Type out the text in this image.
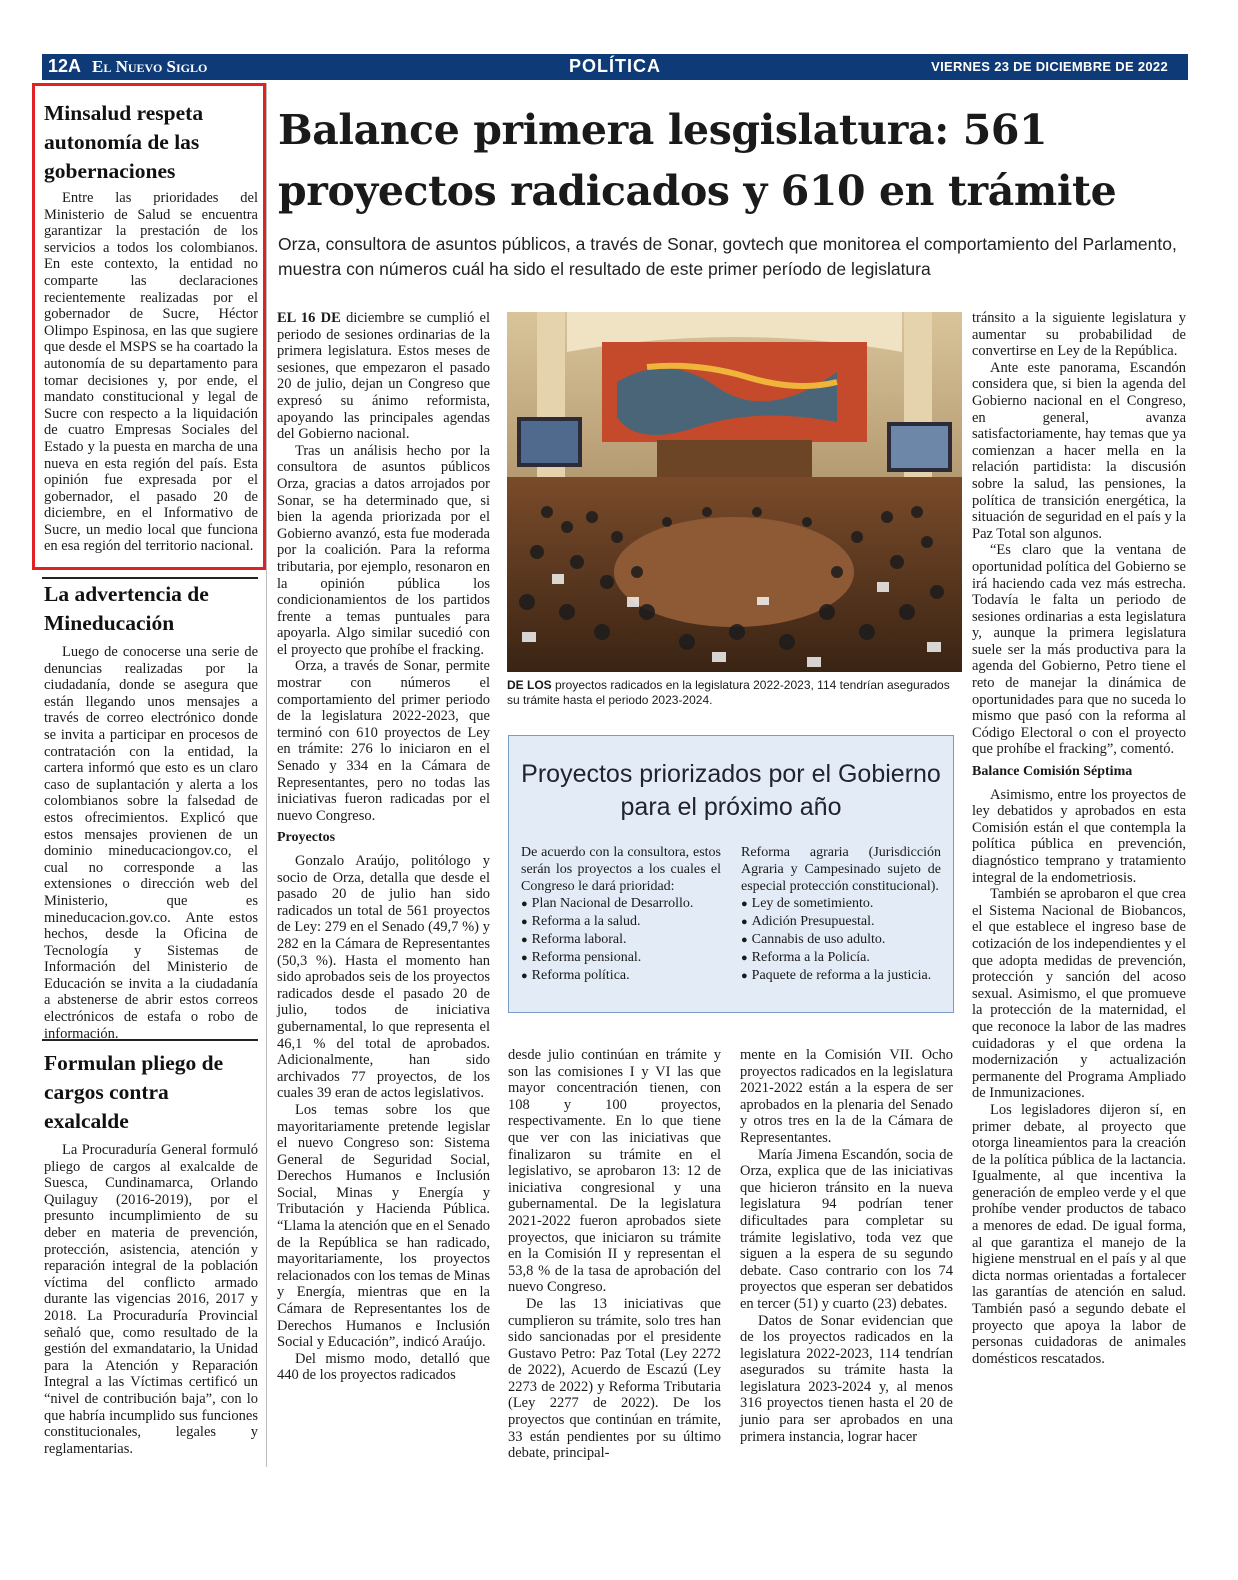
12A El Nuevo Siglo	POLÍTICA	VIERNES 23 DE DICIEMBRE DE 2022
Minsalud respeta autonomía de las gobernaciones

Entre las prioridades del Ministerio de Salud se encuentra garantizar la prestación de los servicios a todos los colombianos. En este contexto, la entidad no comparte las declaraciones recientemente realizadas por el gobernador de Sucre, Héctor Olimpo Espinosa, en las que sugiere que desde el MSPS se ha coartado la autonomía de su departamento para tomar decisiones y, por ende, el mandato constitucional y legal de Sucre con respecto a la liquidación de cuatro Empresas Sociales del Estado y la puesta en marcha de una nueva en esta región del país. Esta opinión fue expresada por el gobernador, el pasado 20 de diciembre, en el Informativo de Sucre, un medio local que funciona en esa región del territorio nacional.

La advertencia de Mineducación

Luego de conocerse una serie de denuncias realizadas por la ciudadanía, donde se asegura que están llegando unos mensajes a través de correo electrónico donde se invita a participar en procesos de contratación con la entidad, la cartera informó que esto es un claro caso de suplantación y alerta a los colombianos sobre la falsedad de estos ofrecimientos. Explicó que estos mensajes provienen de un dominio mineducaciongov.co, el cual no corresponde a las extensiones o dirección web del Ministerio, que es mineducacion.gov.co. Ante estos hechos, desde la Oficina de Tecnología y Sistemas de Información del Ministerio de Educación se invita a la ciudadanía a abstenerse de abrir estos correos electrónicos de estafa o robo de información.

Formulan pliego de cargos contra exalcalde

La Procuraduría General formuló pliego de cargos al exalcalde de Suesca, Cundinamarca, Orlando Quilaguy (2016-2019), por el presunto incumplimiento de su deber en materia de prevención, protección, asistencia, atención y reparación integral de la población víctima del conflicto armado durante las vigencias 2016, 2017 y 2018. La Procuraduría Provincial señaló que, como resultado de la gestión del exmandatario, la Unidad para la Atención y Reparación Integral a las Víctimas certificó un “nivel de contribución baja”, con lo que habría incumplido sus funciones constitucionales, legales y reglamentarias.

Balance primera lesgislatura: 561 proyectos radicados y 610 en trámite
Orza, consultora de asuntos públicos, a través de Sonar, govtech que monitorea el comportamiento del Parlamento, muestra con números cuál ha sido el resultado de este primer período de legislatura

EL 16 DE diciembre se cumplió el periodo de sesiones ordinarias de la primera legislatura. Estos meses de sesiones, que empezaron el pasado 20 de julio, dejan un Congreso que expresó su ánimo reformista, apoyando las principales agendas del Gobierno nacional.

Tras un análisis hecho por la consultora de asuntos públicos Orza, gracias a datos arrojados por Sonar, se ha determinado que, si bien la agenda priorizada por el Gobierno avanzó, esta fue moderada por la coalición. Para la reforma tributaria, por ejemplo, resonaron en la opinión pública los condicionamientos de los partidos frente a temas puntuales para apoyarla. Algo similar sucedió con el proyecto que prohíbe el fracking.

Orza, a través de Sonar, permite mostrar con números el comportamiento del primer periodo de la legislatura 2022-2023, que terminó con 610 proyectos de Ley en trámite: 276 lo iniciaron en el Senado y 334 en la Cámara de Representantes, pero no todas las iniciativas fueron radicadas por el nuevo Congreso.

Proyectos

Gonzalo Araújo, politólogo y socio de Orza, detalla que desde el pasado 20 de julio han sido radicados un total de 561 proyectos de Ley: 279 en el Senado (49,7 %) y 282 en la Cámara de Representantes (50,3 %). Hasta el momento han sido aprobados seis de los proyectos radicados desde el pasado 20 de julio, todos de iniciativa gubernamental, lo que representa el 46,1 % del total de aprobados. Adicionalmente, han sido archivados 77 proyectos, de los cuales 39 eran de actos legislativos.

Los temas sobre los que mayoritariamente pretende legislar el nuevo Congreso son: Sistema General de Seguridad Social, Derechos Humanos e Inclusión Social, Minas y Energía y Tributación y Hacienda Pública. “Llama la atención que en el Senado de la República se han radicado, mayoritariamente, los proyectos relacionados con los temas de Minas y Energía, mientras que en la Cámara de Representantes los de Derechos Humanos e Inclusión Social y Educación”, indicó Araújo.

Del mismo modo, detalló que 440 de los proyectos radicados

DE LOS proyectos radicados en la legislatura 2022-2023, 114 tendrían asegurados su trámite hasta el periodo 2023-2024.
Proyectos priorizados por el Gobierno para el próximo año

De acuerdo con la consultora, estos serán los proyectos a los cuales el Congreso le dará prioridad:

● Plan Nacional de Desarrollo.
● Reforma a la salud.
● Reforma laboral.
● Reforma pensional.
● Reforma política.

Reforma agraria (Jurisdicción Agraria y Campesinado sujeto de especial protección constitucional).

● Ley de sometimiento.
● Adición Presupuestal.
● Cannabis de uso adulto.
● Reforma a la Policía.
● Paquete de reforma a la justicia.

desde julio continúan en trámite y son las comisiones I y VI las que mayor concentración tienen, con 108 y 100 proyectos, respectivamente. En lo que tiene que ver con las iniciativas que finalizaron su trámite en el legislativo, se aprobaron 13: 12 de iniciativa congresional y una gubernamental. De la legislatura 2021-2022 fueron aprobados siete proyectos, que iniciaron su trámite en la Comisión II y representan el 53,8 % de la tasa de aprobación del nuevo Congreso.

De las 13 iniciativas que cumplieron su trámite, solo tres han sido sancionadas por el presidente Gustavo Petro: Paz Total (Ley 2272 de 2022), Acuerdo de Escazú (Ley 2273 de 2022) y Reforma Tributaria (Ley 2277 de 2022). De los proyectos que continúan en trámite, 33 están pendientes por su último debate, principal-

mente en la Comisión VII. Ocho proyectos radicados en la legislatura 2021-2022 están a la espera de ser aprobados en la plenaria del Senado y otros tres en la de la Cámara de Representantes.

María Jimena Escandón, socia de Orza, explica que de las iniciativas que hicieron tránsito en la nueva legislatura 94 podrían tener dificultades para completar su trámite legislativo, toda vez que siguen a la espera de su segundo debate. Caso contrario con los 74 proyectos que esperan ser debatidos en tercer (51) y cuarto (23) debates.

Datos de Sonar evidencian que de los proyectos radicados en la legislatura 2022-2023, 114 tendrían asegurados su trámite hasta la legislatura 2023-2024 y, al menos 316 proyectos tienen hasta el 20 de junio para ser aprobados en una primera instancia, lograr hacer

tránsito a la siguiente legislatura y aumentar su probabilidad de convertirse en Ley de la República.

Ante este panorama, Escandón considera que, si bien la agenda del Gobierno nacional en el Congreso, en general, avanza satisfactoriamente, hay temas que ya comienzan a hacer mella en la relación partidista: la discusión sobre la salud, las pensiones, la política de transición energética, la situación de seguridad en el país y la Paz Total son algunos.

“Es claro que la ventana de oportunidad política del Gobierno se irá haciendo cada vez más estrecha. Todavía le falta un periodo de sesiones ordinarias a esta legislatura y, aunque la primera legislatura suele ser la más productiva para la agenda del Gobierno, Petro tiene el reto de manejar la dinámica de oportunidades para que no suceda lo mismo que pasó con la reforma al Código Electoral o con el proyecto que prohíbe el fracking”, comentó.

Balance Comisión Séptima

Asimismo, entre los proyectos de ley debatidos y aprobados en esta Comisión están el que contempla la política pública en prevención, diagnóstico temprano y tratamiento integral de la endometriosis.

También se aprobaron el que crea el Sistema Nacional de Biobancos, el que establece el ingreso base de cotización de los independientes y el que adopta medidas de prevención, protección y sanción del acoso sexual. Asimismo, el que promueve la protección de la maternidad, el que reconoce la labor de las madres cuidadoras y el que ordena la modernización y actualización permanente del Programa Ampliado de Inmunizaciones.

Los legisladores dijeron sí, en primer debate, al proyecto que otorga lineamientos para la creación de la política pública de la lactancia. Igualmente, al que incentiva la generación de empleo verde y el que prohíbe vender productos de tabaco a menores de edad. De igual forma, al que garantiza el manejo de la higiene menstrual en el país y al que dicta normas orientadas a fortalecer las garantías de atención en salud. También pasó a segundo debate el proyecto que apoya la labor de personas cuidadoras de animales domésticos rescatados.
